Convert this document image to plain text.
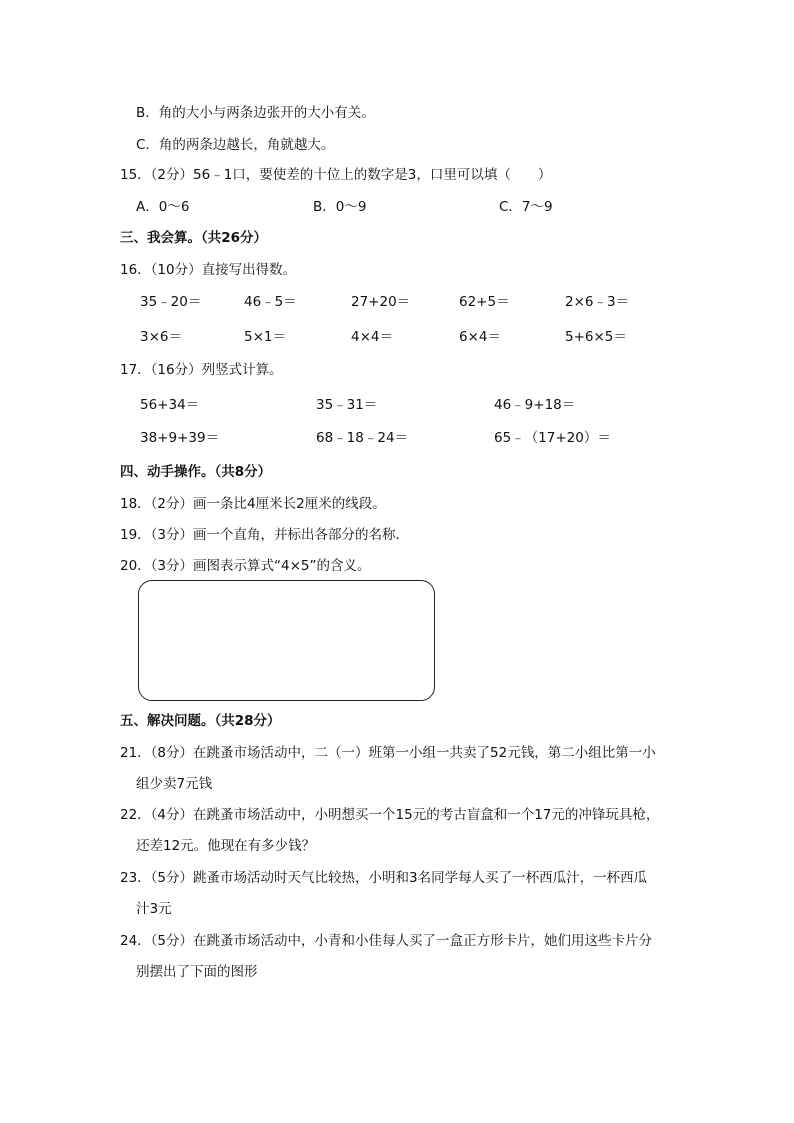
B．角的大小与两条边张开的大小有关。
C．角的两条边越长，角就越大。
15．（2分）56﹣1口，要使差的十位上的数字是3，口里可以填（　　）
A．0～6	B．0～9	C．7～9
三、我会算。（共26分）
16．（10分）直接写出得数。
35﹣20＝	46﹣5＝	27+20＝	62+5＝	2×6﹣3＝
3×6＝	5×1＝	4×4＝	6×4＝	5+6×5＝
17．（16分）列竖式计算。
56+34＝	35﹣31＝	46﹣9+18＝
38+9+39＝	68﹣18﹣24＝	65﹣（17+20）＝
四、动手操作。（共8分）
18．（2分）画一条比4厘米长2厘米的线段。
19．（3分）画一个直角，并标出各部分的名称．
20．（3分）画图表示算式“4×5”的含义。
五、解决问题。（共28分）
21．（8分）在跳蚤市场活动中，二（一）班第一小组一共卖了52元钱，第二小组比第一小
组少卖7元钱
22．（4分）在跳蚤市场活动中，小明想买一个15元的考古盲盒和一个17元的冲锋玩具枪，
还差12元。他现在有多少钱？
23．（5分）跳蚤市场活动时天气比较热，小明和3名同学每人买了一杯西瓜汁，一杯西瓜
汁3元
24．（5分）在跳蚤市场活动中，小青和小佳每人买了一盒正方形卡片，她们用这些卡片分
别摆出了下面的图形
